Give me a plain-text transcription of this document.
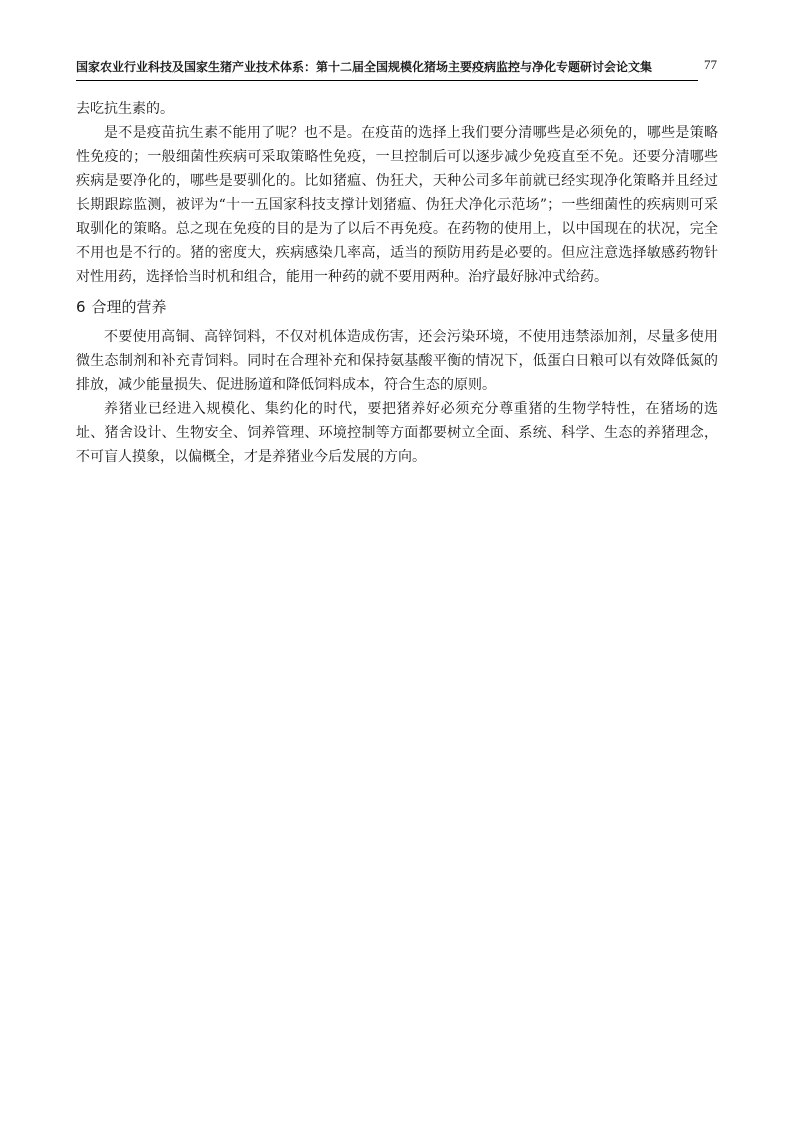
国家农业行业科技及国家生猪产业技术体系：第十二届全国规模化猪场主要疫病监控与净化专题研讨会论文集	77

去吃抗生素的。

是不是疫苗抗生素不能用了呢？也不是。在疫苗的选择上我们要分清哪些是必须免的，哪些是策略性免疫的；一般细菌性疾病可采取策略性免疫，一旦控制后可以逐步减少免疫直至不免。还要分清哪些疾病是要净化的，哪些是要驯化的。比如猪瘟、伪狂犬，天种公司多年前就已经实现净化策略并且经过长期跟踪监测，被评为“十一五国家科技支撑计划猪瘟、伪狂犬净化示范场”；一些细菌性的疾病则可采取驯化的策略。总之现在免疫的目的是为了以后不再免疫。在药物的使用上，以中国现在的状况，完全不用也是不行的。猪的密度大，疾病感染几率高，适当的预防用药是必要的。但应注意选择敏感药物针对性用药，选择恰当时机和组合，能用一种药的就不要用两种。治疗最好脉冲式给药。

6 合理的营养

不要使用高铜、高锌饲料，不仅对机体造成伤害，还会污染环境，不使用违禁添加剂，尽量多使用微生态制剂和补充青饲料。同时在合理补充和保持氨基酸平衡的情况下，低蛋白日粮可以有效降低氮的排放，减少能量损失、促进肠道和降低饲料成本，符合生态的原则。

养猪业已经进入规模化、集约化的时代，要把猪养好必须充分尊重猪的生物学特性，在猪场的选址、猪舍设计、生物安全、饲养管理、环境控制等方面都要树立全面、系统、科学、生态的养猪理念，不可盲人摸象，以偏概全，才是养猪业今后发展的方向。
